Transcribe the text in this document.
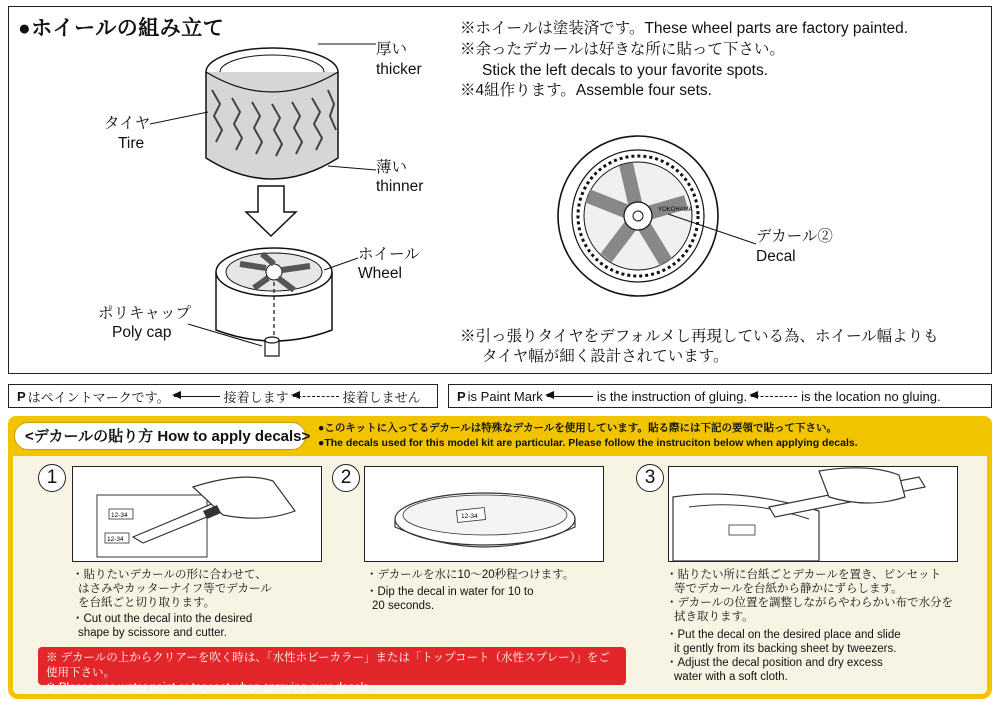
●ホイールの組み立て	※ホイールは塗装済です。These wheel parts are factory painted.
※余ったデカールは好きな所に貼って下さい。
Stick the left decals to your favorite spots.
※4組作ります。Assemble four sets.
※引っ張りタイヤをデフォルメし再現している為、ホイール幅よりも
タイヤ幅が細く設計されています。
厚い
thicker
タイヤ
Tire
薄い
thinner
ホイール
Wheel
ポリキャップ
Poly cap
デカール②
Decal
YOKOHAMA
P はペイントマークです。	接着します	接着しません	P is Paint Mark	is the instruction of gluing.	is the location no gluing.
<デカールの貼り方 How to apply decals> ●このキットに入ってるデカールは特殊なデカールを使用しています。貼る際には下記の要領で貼って下さい。
●The decals used for this model kit are particular. Please follow the instruciton below when applying decals.
1
12-34
12-34
・貼りたいデカールの形に合わせて、
はさみやカッターナイフ等でデカール
を台紙ごと切り取ります。
・Cut out the decal into the desired
shape by scissore and cutter.
2
12-34
・デカールを水に10〜20秒程つけます。
・Dip the decal in water for 10 to
20 seconds.
3
・貼りたい所に台紙ごとデカールを置き、ピンセット
等でデカールを台紙から静かにずらします。
・デカールの位置を調整しながらやわらかい布で水分を
拭き取ります。
・Put the decal on the desired place and slide
it gently from its backing sheet by tweezers.
・Adjust the decal position and dry excess
water with a soft cloth.
※ デカールの上からクリアーを吹く時は、「水性ホビーカラー」または「トップコート（水性スプレー）」をご使用下さい。
※ Please use water paint or topcoat when spraying over decals.
